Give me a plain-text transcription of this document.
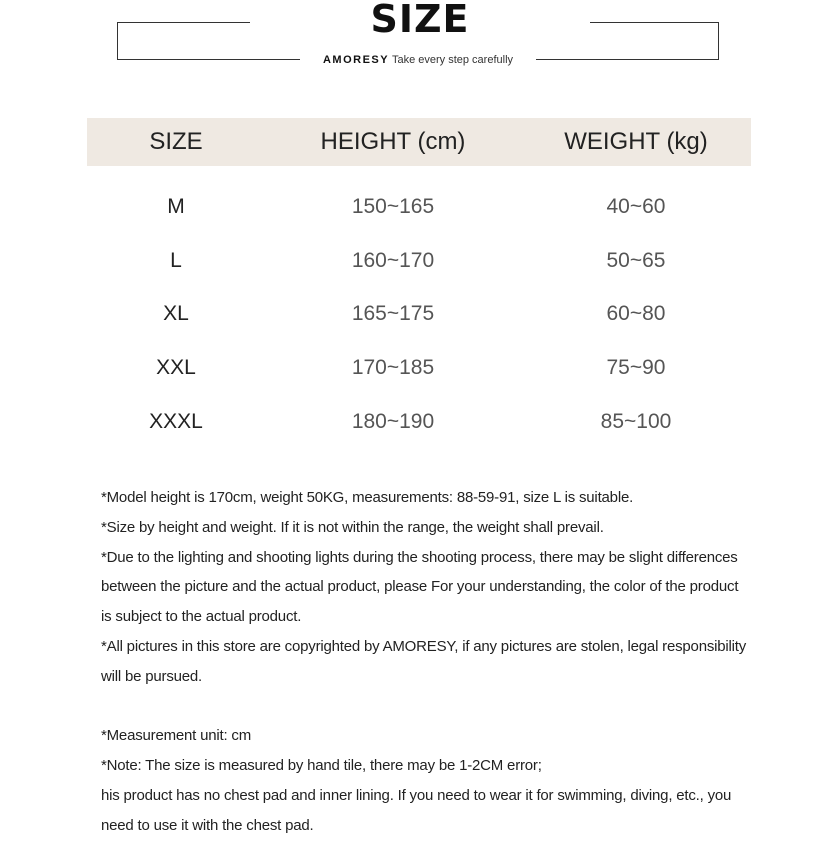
SIZE
AMORESY Take every step carefully
SIZE	HEIGHT (cm)	WEIGHT (kg)
M	150~165	40~60
L	160~170	50~65
XL	165~175	60~80
XXL	170~185	75~90
XXXL	180~190	85~100
*Model height is 170cm, weight 50KG, measurements: 88-59-91, size L is suitable.
*Size by height and weight. If it is not within the range, the weight shall prevail.
*Due to the lighting and shooting lights during the shooting process, there may be slight differences
between the picture and the actual product, please For your understanding, the color of the product
is subject to the actual product.
*All pictures in this store are copyrighted by AMORESY, if any pictures are stolen, legal responsibility
will be pursued.
*Measurement unit: cm
*Note: The size is measured by hand tile, there may be 1-2CM error;
his product has no chest pad and inner lining. If you need to wear it for swimming, diving, etc., you
need to use it with the chest pad.
